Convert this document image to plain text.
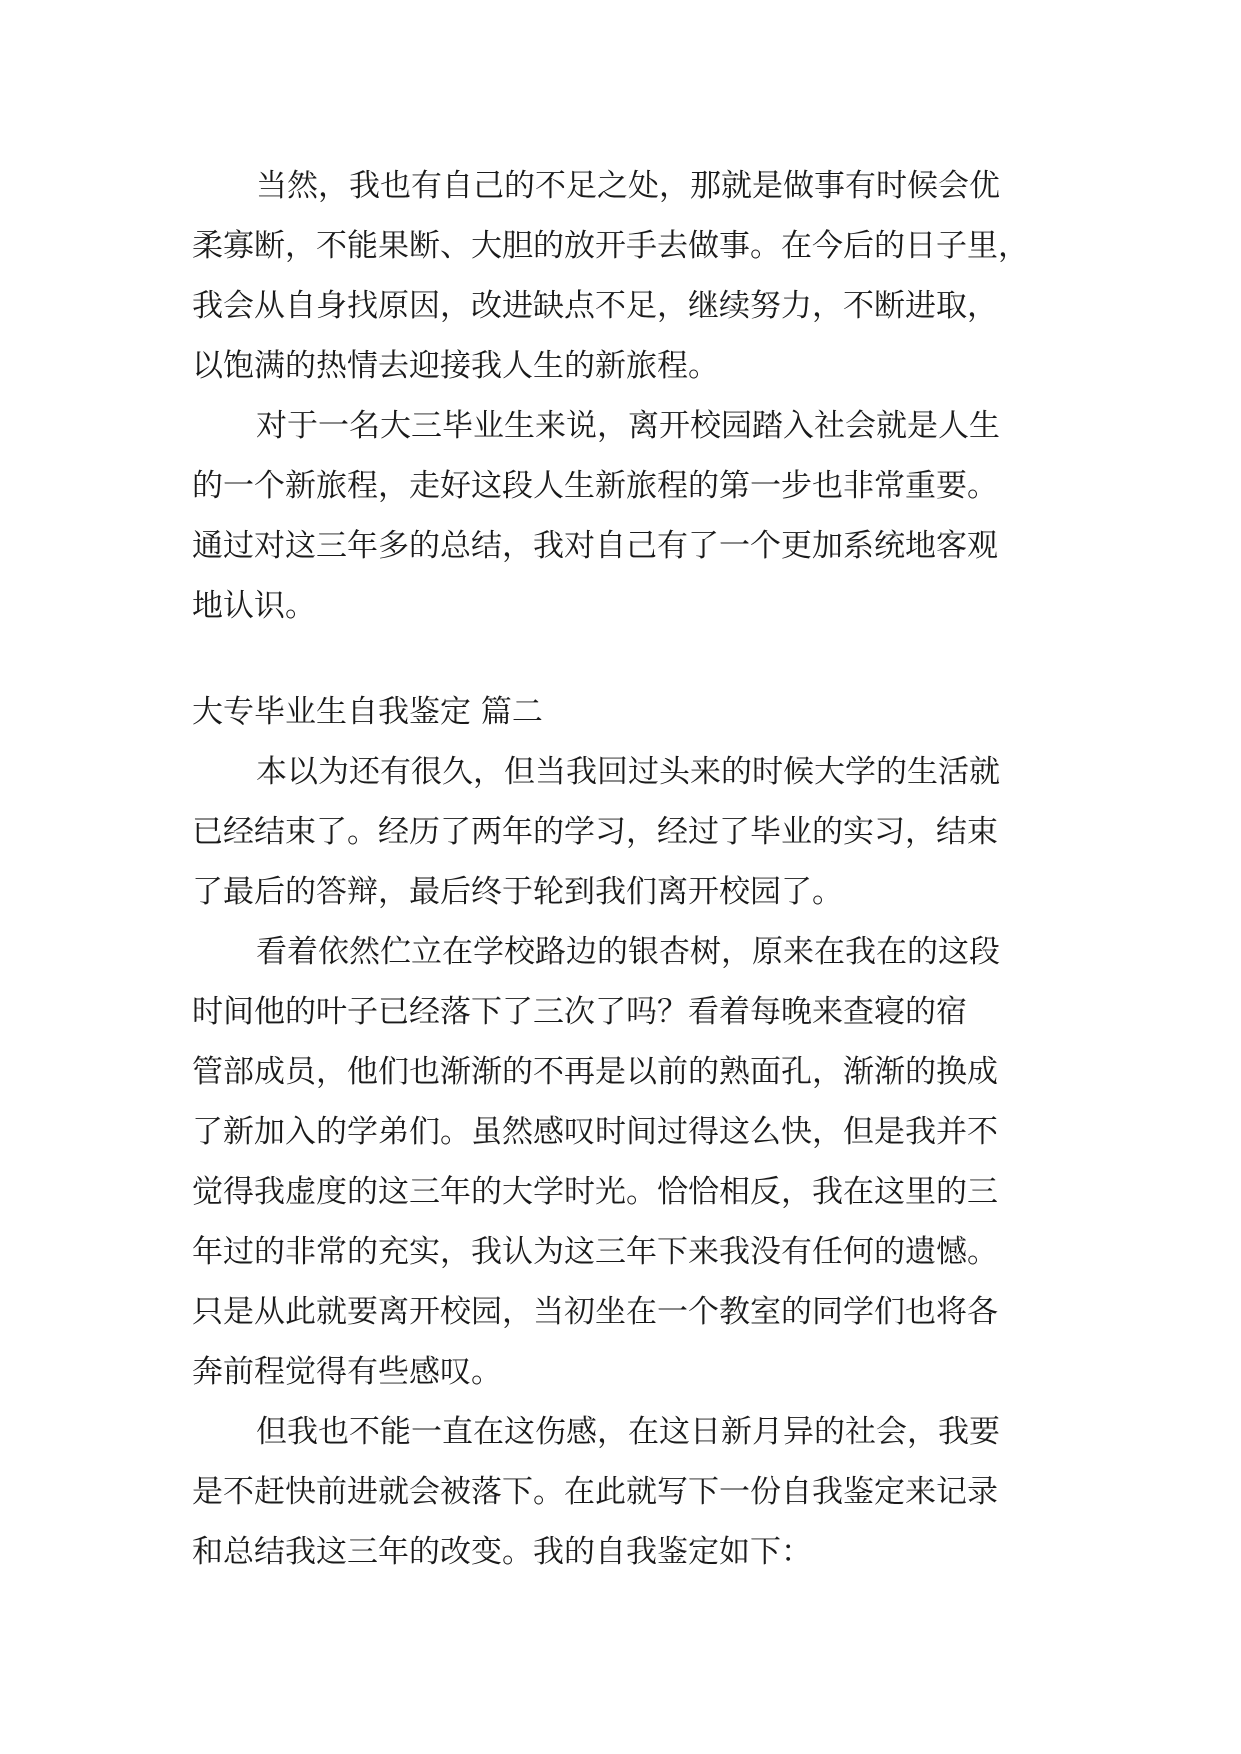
当然，我也有自己的不足之处，那就是做事有时候会优
柔寡断，不能果断、大胆的放开手去做事。在今后的日子里，
我会从自身找原因，改进缺点不足，继续努力，不断进取，
以饱满的热情去迎接我人生的新旅程。
对于一名大三毕业生来说，离开校园踏入社会就是人生
的一个新旅程，走好这段人生新旅程的第一步也非常重要。
通过对这三年多的总结，我对自己有了一个更加系统地客观
地认识。
大专毕业生自我鉴定 篇二
本以为还有很久，但当我回过头来的时候大学的生活就
已经结束了。经历了两年的学习，经过了毕业的实习，结束
了最后的答辩，最后终于轮到我们离开校园了。
看着依然伫立在学校路边的银杏树，原来在我在的这段
时间他的叶子已经落下了三次了吗？看着每晚来查寝的宿
管部成员，他们也渐渐的不再是以前的熟面孔，渐渐的换成
了新加入的学弟们。虽然感叹时间过得这么快，但是我并不
觉得我虚度的这三年的大学时光。恰恰相反，我在这里的三
年过的非常的充实，我认为这三年下来我没有任何的遗憾。
只是从此就要离开校园，当初坐在一个教室的同学们也将各
奔前程觉得有些感叹。
但我也不能一直在这伤感，在这日新月异的社会，我要
是不赶快前进就会被落下。在此就写下一份自我鉴定来记录
和总结我这三年的改变。我的自我鉴定如下：
